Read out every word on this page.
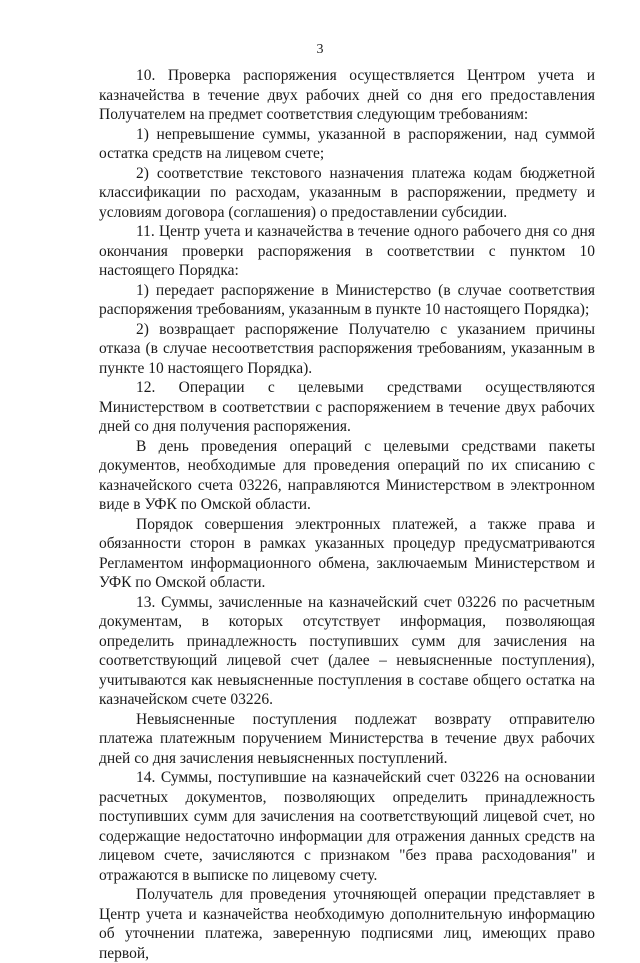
3

10. Проверка распоряжения осуществляется Центром учета и казначейства в течение двух рабочих дней со дня его предоставления Получателем на предмет соответствия следующим требованиям:

1) непревышение суммы, указанной в распоряжении, над суммой остатка средств на лицевом счете;

2) соответствие текстового назначения платежа кодам бюджетной классификации по расходам, указанным в распоряжении, предмету и условиям договора (соглашения) о предоставлении субсидии.

11. Центр учета и казначейства в течение одного рабочего дня со дня окончания проверки распоряжения в соответствии с пунктом 10 настоящего Порядка:

1) передает распоряжение в Министерство (в случае соответствия распоряжения требованиям, указанным в пункте 10 настоящего Порядка);

2) возвращает распоряжение Получателю с указанием причины отказа (в случае несоответствия распоряжения требованиям, указанным в пункте 10 настоящего Порядка).

12. Операции с целевыми средствами осуществляются Министерством в соответствии с распоряжением в течение двух рабочих дней со дня получения распоряжения.

В день проведения операций с целевыми средствами пакеты документов, необходимые для проведения операций по их списанию с казначейского счета 03226, направляются Министерством в электронном виде в УФК по Омской области.

Порядок совершения электронных платежей, а также права и обязанности сторон в рамках указанных процедур предусматриваются Регламентом информационного обмена, заключаемым Министерством и УФК по Омской области.

13. Суммы, зачисленные на казначейский счет 03226 по расчетным документам, в которых отсутствует информация, позволяющая определить принадлежность поступивших сумм для зачисления на соответствующий лицевой счет (далее – невыясненные поступления), учитываются как невыясненные поступления в составе общего остатка на казначейском счете 03226.

Невыясненные поступления подлежат возврату отправителю платежа платежным поручением Министерства в течение двух рабочих дней со дня зачисления невыясненных поступлений.

14. Суммы, поступившие на казначейский счет 03226 на основании расчетных документов, позволяющих определить принадлежность поступивших сумм для зачисления на соответствующий лицевой счет, но содержащие недостаточно информации для отражения данных средств на лицевом счете, зачисляются с признаком "без права расходования" и отражаются в выписке по лицевому счету.

Получатель для проведения уточняющей операции представляет в Центр учета и казначейства необходимую дополнительную информацию об уточнении платежа, заверенную подписями лиц, имеющих право первой,
